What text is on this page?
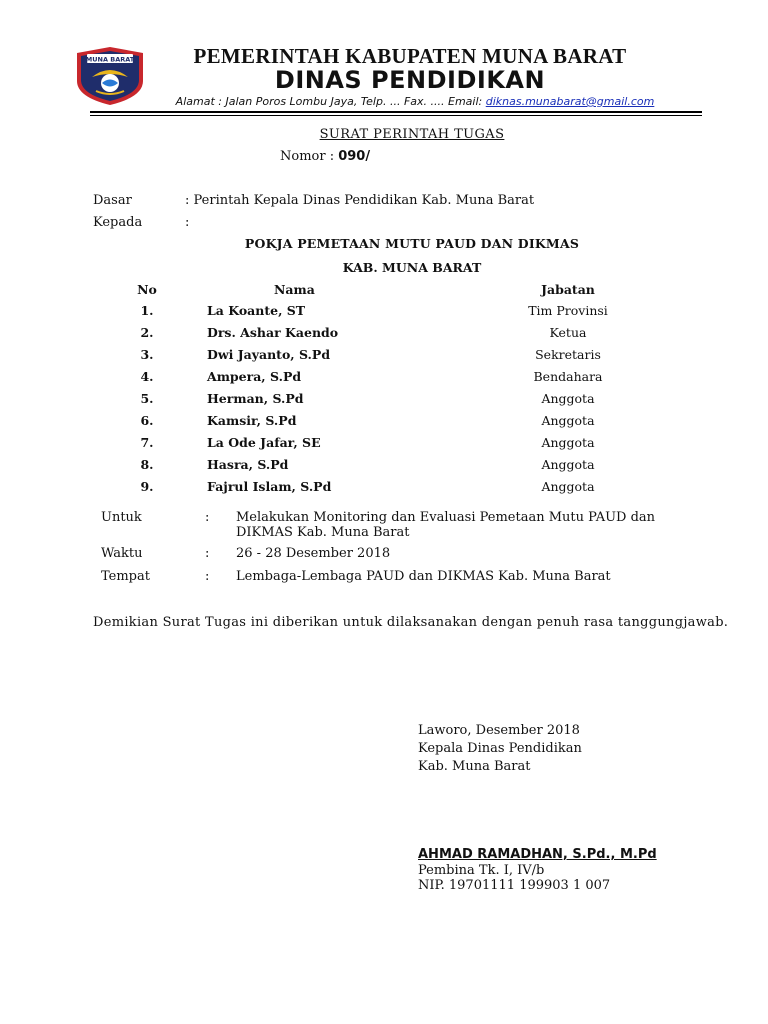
MUNA BARAT	PEMERINTAH KABUPATEN MUNA BARAT
DINAS PENDIDIKAN
Alamat : Jalan Poros Lombu Jaya, Telp. ... Fax. .... Email: diknas.munabarat@gmail.com
SURAT PERINTAH TUGAS
Nomor : 090/
Dasar	: Perintah Kepala Dinas Pendidikan Kab. Muna Barat
Kepada	:
POKJA PEMETAAN MUTU PAUD DAN DIKMAS
KAB. MUNA BARAT
No	Nama	Jabatan
1.	La Koante, ST	Tim Provinsi
2.	Drs. Ashar Kaendo	Ketua
3.	Dwi Jayanto, S.Pd	Sekretaris
4.	Ampera, S.Pd	Bendahara
5.	Herman, S.Pd	Anggota
6.	Kamsir, S.Pd	Anggota
7.	La Ode Jafar, SE	Anggota
8.	Hasra, S.Pd	Anggota
9.	Fajrul Islam, S.Pd	Anggota
Untuk	: Melakukan Monitoring dan Evaluasi Pemetaan Mutu PAUD dan
DIKMAS Kab. Muna Barat
Waktu	: 26 - 28 Desember 2018
Tempat	: Lembaga-Lembaga PAUD dan DIKMAS Kab. Muna Barat
Demikian Surat Tugas ini diberikan untuk dilaksanakan dengan penuh rasa tanggungjawab.
Laworo, Desember 2018
Kepala Dinas Pendidikan
Kab. Muna Barat
AHMAD RAMADHAN, S.Pd., M.Pd
Pembina Tk. I, IV/b
NIP. 19701111 199903 1 007
